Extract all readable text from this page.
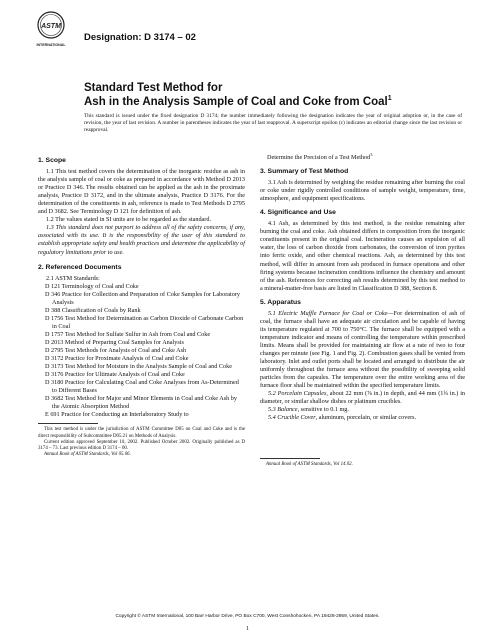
ASTM
INTERNATIONAL
Designation: D 3174 – 02
Standard Test Method for
Ash in the Analysis Sample of Coal and Coke from Coal$^1$
This standard is issued under the fixed designation D 3174; the number immediately following the designation indicates the year of original adoption or, in the case of revision, the year of last revision. A number in parentheses indicates the year of last reapproval. A superscript epsilon (ε) indicates an editorial change since the last revision or reapproval.
1. Scope

1.1 This test method covers the determination of the inorganic residue as ash in the analysis sample of coal or coke as prepared in accordance with Method D 2013 or Practice D 346. The results obtained can be applied as the ash in the proximate analysis, Practice D 3172, and in the ultimate analysis, Practice D 3176. For the determination of the constituents in ash, reference is made to Test Methods D 2795 and D 3682. See Terminology D 121 for definition of ash.

1.2 The values stated in SI units are to be regarded as the standard.

1.3 This standard does not purport to address all of the safety concerns, if any, associated with its use. It is the responsibility of the user of this standard to establish appropriate safety and health practices and determine the applicability of regulatory limitations prior to use.

2. Referenced Documents

2.1 ASTM Standards:

D 121 Terminology of Coal and Coke

D 346 Practice for Collection and Preparation of Coke Samples for Laboratory Analysis

D 388 Classification of Coals by Rank

D 1756 Test Method for Determination as Carbon Dioxide of Carbonate Carbon in Coal

D 1757 Test Method for Sulfate Sulfur in Ash from Coal and Coke

D 2013 Method of Preparing Coal Samples for Analysis

D 2795 Test Methods for Analysis of Coal and Coke Ash

D 3172 Practice for Proximate Analysis of Coal and Coke

D 3173 Test Method for Moisture in the Analysis Sample of Coal and Coke

D 3176 Practice for Ultimate Analysis of Coal and Coke

D 3180 Practice for Calculating Coal and Coke Analyses from As-Determined to Different Bases

D 3682 Test Method for Major and Minor Elements in Coal and Coke Ash by the Atomic Absorption Method

E 691 Practice for Conducting an Interlaboratory Study to

This test method is under the jurisdiction of ASTM Committee D05 on Coal and Coke and is the direct responsibility of Subcommittee D05.21 on Methods of Analysis.

Current edition approved September 10, 2002. Published October 2002. Originally published as D 3174 – 73. Last previous edition D 3174 – 00.

Annual Book of ASTM Standards, Vol 05.06.

Determine the Precision of a Test Method$^3$

3. Summary of Test Method

3.1 Ash is determined by weighing the residue remaining after burning the coal or coke under rigidly controlled conditions of sample weight, temperature, time, atmosphere, and equipment specifications.

4. Significance and Use

4.1 Ash, as determined by this test method, is the residue remaining after burning the coal and coke. Ash obtained differs in composition from the inorganic constituents present in the original coal. Incineration causes an expulsion of all water, the loss of carbon dioxide from carbonates, the conversion of iron pyrites into ferric oxide, and other chemical reactions. Ash, as determined by this test method, will differ in amount from ash produced in furnace operations and other firing systems because incineration conditions influence the chemistry and amount of the ash. References for correcting ash results determined by this test method to a mineral-matter-free basis are listed in Classification D 388, Section 8.

5. Apparatus

5.1 Electric Muffle Furnace for Coal or Coke—For determination of ash of coal, the furnace shall have an adequate air circulation and be capable of having its temperature regulated at 700 to 750°C. The furnace shall be equipped with a temperature indicator and means of controlling the temperature within prescribed limits. Means shall be provided for maintaining air flow at a rate of two to four changes per minute (see Fig. 1 and Fig. 2). Combustion gases shall be vented from laboratory. Inlet and outlet ports shall be located and arranged to distribute the air uniformly throughout the furnace area without the possibility of sweeping solid particles from the capsules. The temperature over the entire working area of the furnace floor shall be maintained within the specified temperature limits.

5.2 Porcelain Capsules, about 22 mm (⅞ in.) in depth, and 44 mm (1¾ in.) in diameter, or similar shallow dishes or platinum crucibles.

5.3 Balance, sensitive to 0.1 mg.

5.4 Crucible Cover, aluminum, porcelain, or similar covers.

Annual Book of ASTM Standards, Vol 14.02.

Copyright © ASTM International, 100 Barr Harbor Drive, PO Box C700, West Conshohocken, PA 19428-2959, United States.
1
